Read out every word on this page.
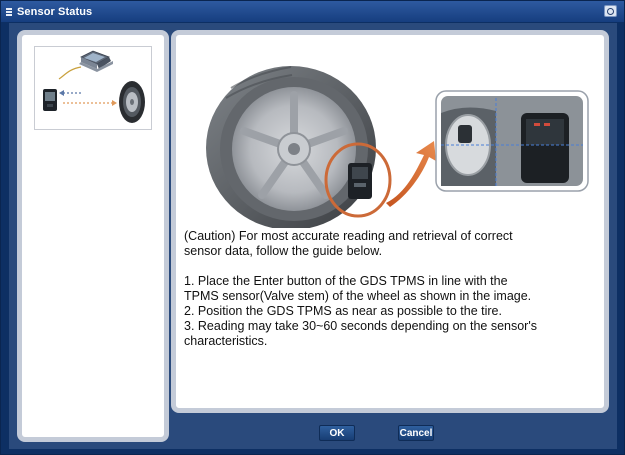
Sensor Status

(Caution) For most accurate reading and retrieval of correct

sensor data, follow the guide below.

1. Place the Enter button of the GDS TPMS in line with the

TPMS sensor(Valve stem) of the wheel as shown in the image.

2. Position the GDS TPMS as near as possible to the tire.

3. Reading may take 30~60 seconds depending on the sensor's

characteristics.

OK	Cancel
